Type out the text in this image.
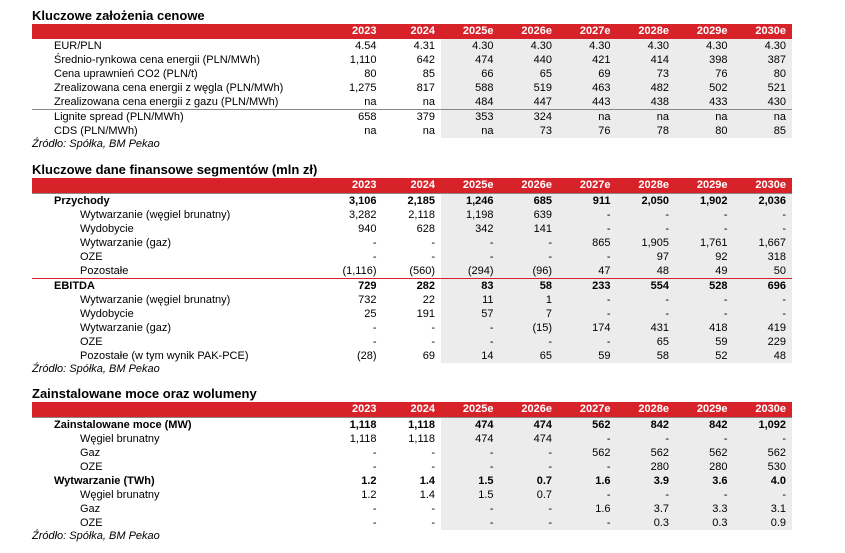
Kluczowe założenia cenowe
	2023	2024	2025e	2026e	2027e	2028e	2029e	2030e
EUR/PLN	4.54	4.31	4.30	4.30	4.30	4.30	4.30	4.30
Średnio-rynkowa cena energii (PLN/MWh)	1,110	642	474	440	421	414	398	387
Cena uprawnień CO2 (PLN/t)	80	85	66	65	69	73	76	80
Zrealizowana cena energii z węgla (PLN/MWh)	1,275	817	588	519	463	482	502	521
Zrealizowana cena energii z gazu (PLN/MWh)	na	na	484	447	443	438	433	430
Lignite spread (PLN/MWh)	658	379	353	324	na	na	na	na
CDS (PLN/MWh)	na	na	na	73	76	78	80	85
Źródło: Spółka, BM Pekao
Kluczowe dane finansowe segmentów (mln zł)
	2023	2024	2025e	2026e	2027e	2028e	2029e	2030e
Przychody	3,106	2,185	1,246	685	911	2,050	1,902	2,036
Wytwarzanie (węgiel brunatny)	3,282	2,118	1,198	639	-	-	-	-
Wydobycie	940	628	342	141	-	-	-	-
Wytwarzanie (gaz)	-	-	-	-	865	1,905	1,761	1,667
OZE	-	-	-	-	-	97	92	318
Pozostałe	(1,116)	(560)	(294)	(96)	47	48	49	50
EBITDA	729	282	83	58	233	554	528	696
Wytwarzanie (węgiel brunatny)	732	22	11	1	-	-	-	-
Wydobycie	25	191	57	7	-	-	-	-
Wytwarzanie (gaz)	-	-	-	(15)	174	431	418	419
OZE	-	-	-	-	-	65	59	229
Pozostałe (w tym wynik PAK-PCE)	(28)	69	14	65	59	58	52	48
Źródło: Spółka, BM Pekao
Zainstalowane moce oraz wolumeny
	2023	2024	2025e	2026e	2027e	2028e	2029e	2030e
Zainstalowane moce (MW)	1,118	1,118	474	474	562	842	842	1,092
Węgiel brunatny	1,118	1,118	474	474	-	-	-	-
Gaz	-	-	-	-	562	562	562	562
OZE	-	-	-	-	-	280	280	530
Wytwarzanie (TWh)	1.2	1.4	1.5	0.7	1.6	3.9	3.6	4.0
Węgiel brunatny	1.2	1.4	1.5	0.7	-	-	-	-
Gaz	-	-	-	-	1.6	3.7	3.3	3.1
OZE	-	-	-	-	-	0.3	0.3	0.9
Źródło: Spółka, BM Pekao
